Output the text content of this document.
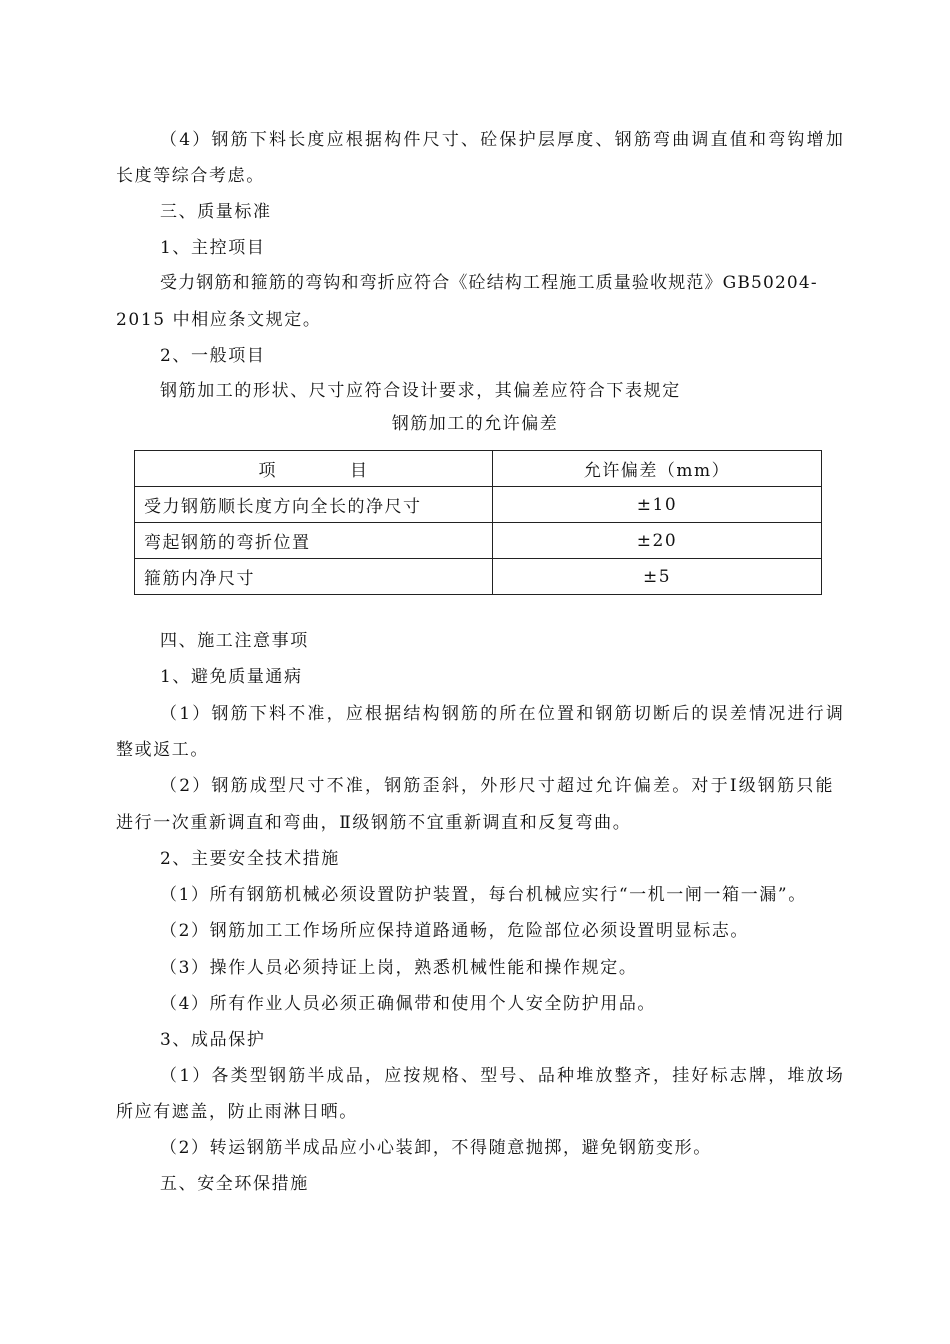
（4）钢筋下料长度应根据构件尺寸、砼保护层厚度、钢筋弯曲调直值和弯钩增加
长度等综合考虑。
三、质量标准
1、主控项目
受力钢筋和箍筋的弯钩和弯折应符合《砼结构工程施工质量验收规范》GB50204-
2015 中相应条文规定。
2、一般项目
钢筋加工的形状、尺寸应符合设计要求，其偏差应符合下表规定
钢筋加工的允许偏差
项 目	允许偏差（mm）
受力钢筋顺长度方向全长的净尺寸	±10
弯起钢筋的弯折位置	±20
箍筋内净尺寸	±5
四、施工注意事项
1、避免质量通病
（1）钢筋下料不准，应根据结构钢筋的所在位置和钢筋切断后的误差情况进行调
整或返工。
（2）钢筋成型尺寸不准，钢筋歪斜，外形尺寸超过允许偏差。对于Ⅰ级钢筋只能
进行一次重新调直和弯曲，Ⅱ级钢筋不宜重新调直和反复弯曲。
2、主要安全技术措施
（1）所有钢筋机械必须设置防护装置，每台机械应实行“一机一闸一箱一漏”。
（2）钢筋加工工作场所应保持道路通畅，危险部位必须设置明显标志。
（3）操作人员必须持证上岗，熟悉机械性能和操作规定。
（4）所有作业人员必须正确佩带和使用个人安全防护用品。
3、成品保护
（1）各类型钢筋半成品，应按规格、型号、品种堆放整齐，挂好标志牌，堆放场
所应有遮盖，防止雨淋日晒。
（2）转运钢筋半成品应小心装卸，不得随意抛掷，避免钢筋变形。
五、安全环保措施
